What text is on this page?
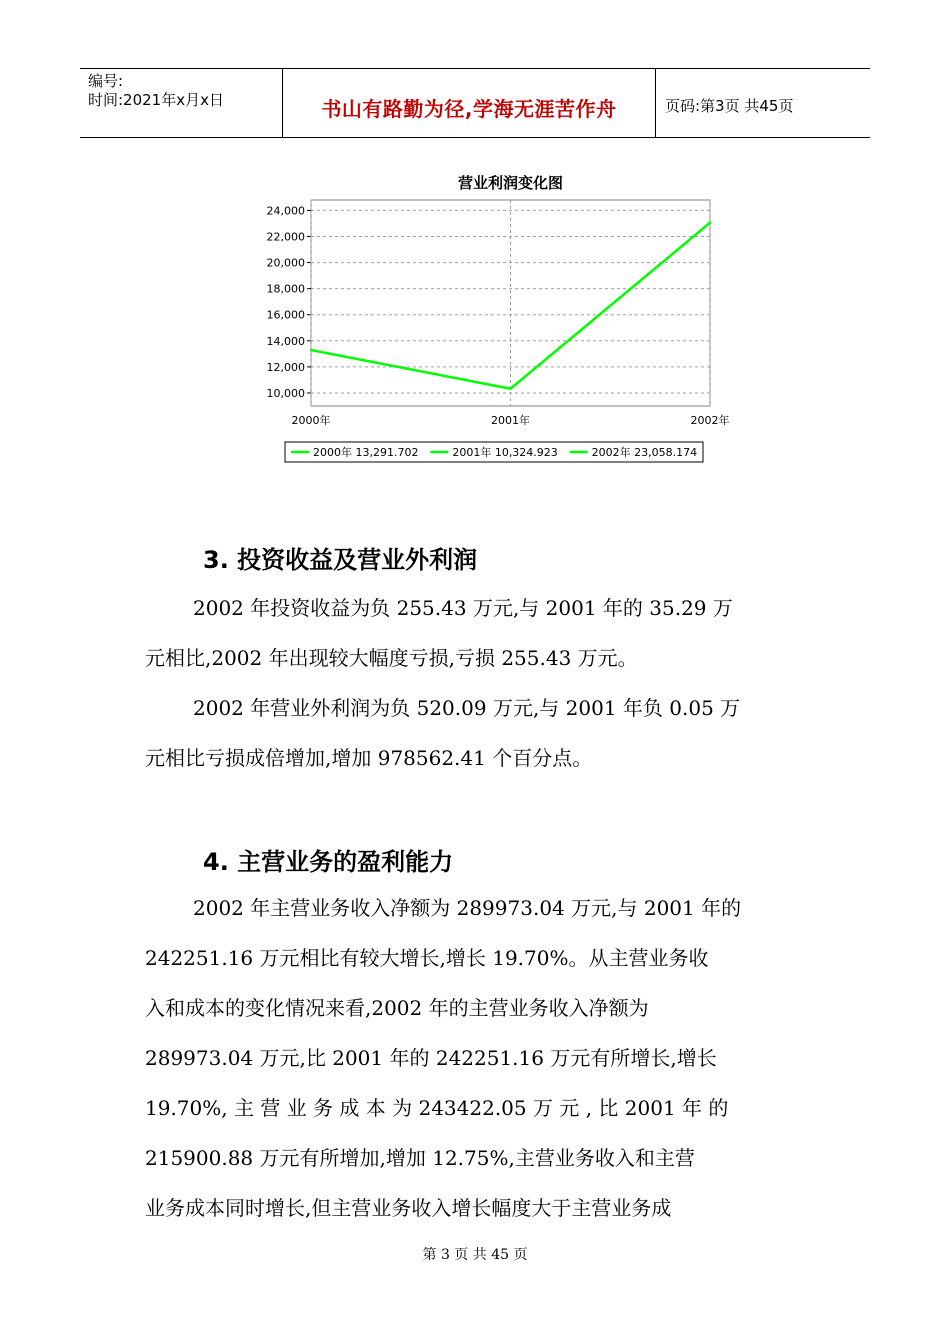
编号:
时间:2021年x月x日	书山有路勤为径,学海无涯苦作舟	页码:第3页 共45页
营业利润变化图
10,000
12,000
14,000
16,000
18,000
20,000
22,000
24,000
2000年	2001年	2002年
2000年 13,291.702	2001年 10,324.923	2002年 23,058.174
3. 投资收益及营业外利润
2002 年投资收益为负 255.43 万元,与 2001 年的 35.29 万
元相比,2002 年出现较大幅度亏损,亏损 255.43 万元。
2002 年营业外利润为负 520.09 万元,与 2001 年负 0.05 万
元相比亏损成倍增加,增加 978562.41 个百分点。
4. 主营业务的盈利能力
2002 年主营业务收入净额为 289973.04 万元,与 2001 年的
242251.16 万元相比有较大增长,增长 19.70%。从主营业务收
入和成本的变化情况来看,2002 年的主营业务收入净额为
289973.04 万元,比 2001 年的 242251.16 万元有所增长,增长
19.70%, 主 营 业 务 成 本 为 243422.05 万 元 , 比 2001 年 的
215900.88 万元有所增加,增加 12.75%,主营业务收入和主营
业务成本同时增长,但主营业务收入增长幅度大于主营业务成
第 3 页 共 45 页
